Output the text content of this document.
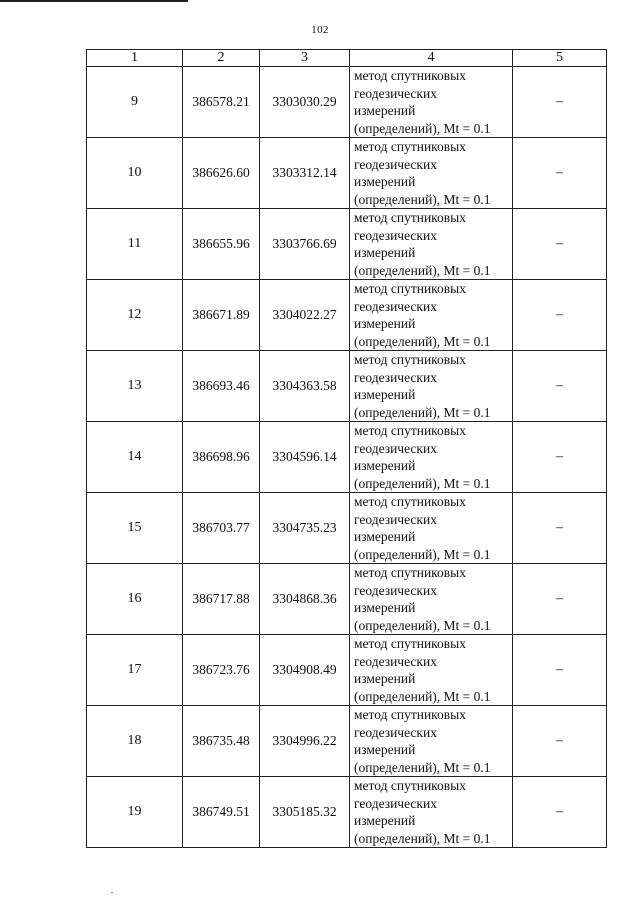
102
1	2	3	4	5
9	386578.21	3303030.29	метод спутниковых
геодезических
измерений
(определений), Mt = 0.1	–
10	386626.60	3303312.14	метод спутниковых
геодезических
измерений
(определений), Mt = 0.1	–
11	386655.96	3303766.69	метод спутниковых
геодезических
измерений
(определений), Mt = 0.1	–
12	386671.89	3304022.27	метод спутниковых
геодезических
измерений
(определений), Mt = 0.1	–
13	386693.46	3304363.58	метод спутниковых
геодезических
измерений
(определений), Mt = 0.1	–
14	386698.96	3304596.14	метод спутниковых
геодезических
измерений
(определений), Mt = 0.1	–
15	386703.77	3304735.23	метод спутниковых
геодезических
измерений
(определений), Mt = 0.1	–
16	386717.88	3304868.36	метод спутниковых
геодезических
измерений
(определений), Mt = 0.1	–
17	386723.76	3304908.49	метод спутниковых
геодезических
измерений
(определений), Mt = 0.1	–
18	386735.48	3304996.22	метод спутниковых
геодезических
измерений
(определений), Mt = 0.1	–
19	386749.51	3305185.32	метод спутниковых
геодезических
измерений
(определений), Mt = 0.1	–
